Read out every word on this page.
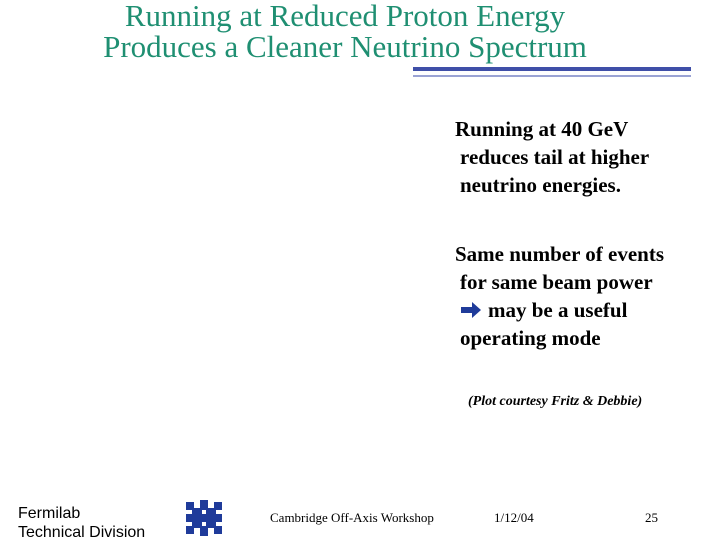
Running at Reduced Proton Energy
Produces a Cleaner Neutrino Spectrum
Running at 40 GeV
reduces tail at higher
neutrino energies.
Same number of events
for same beam power
may be a useful
operating mode
(Plot courtesy Fritz & Debbie)
Fermilab
Technical Division
Cambridge Off-Axis Workshop	1/12/04	25
